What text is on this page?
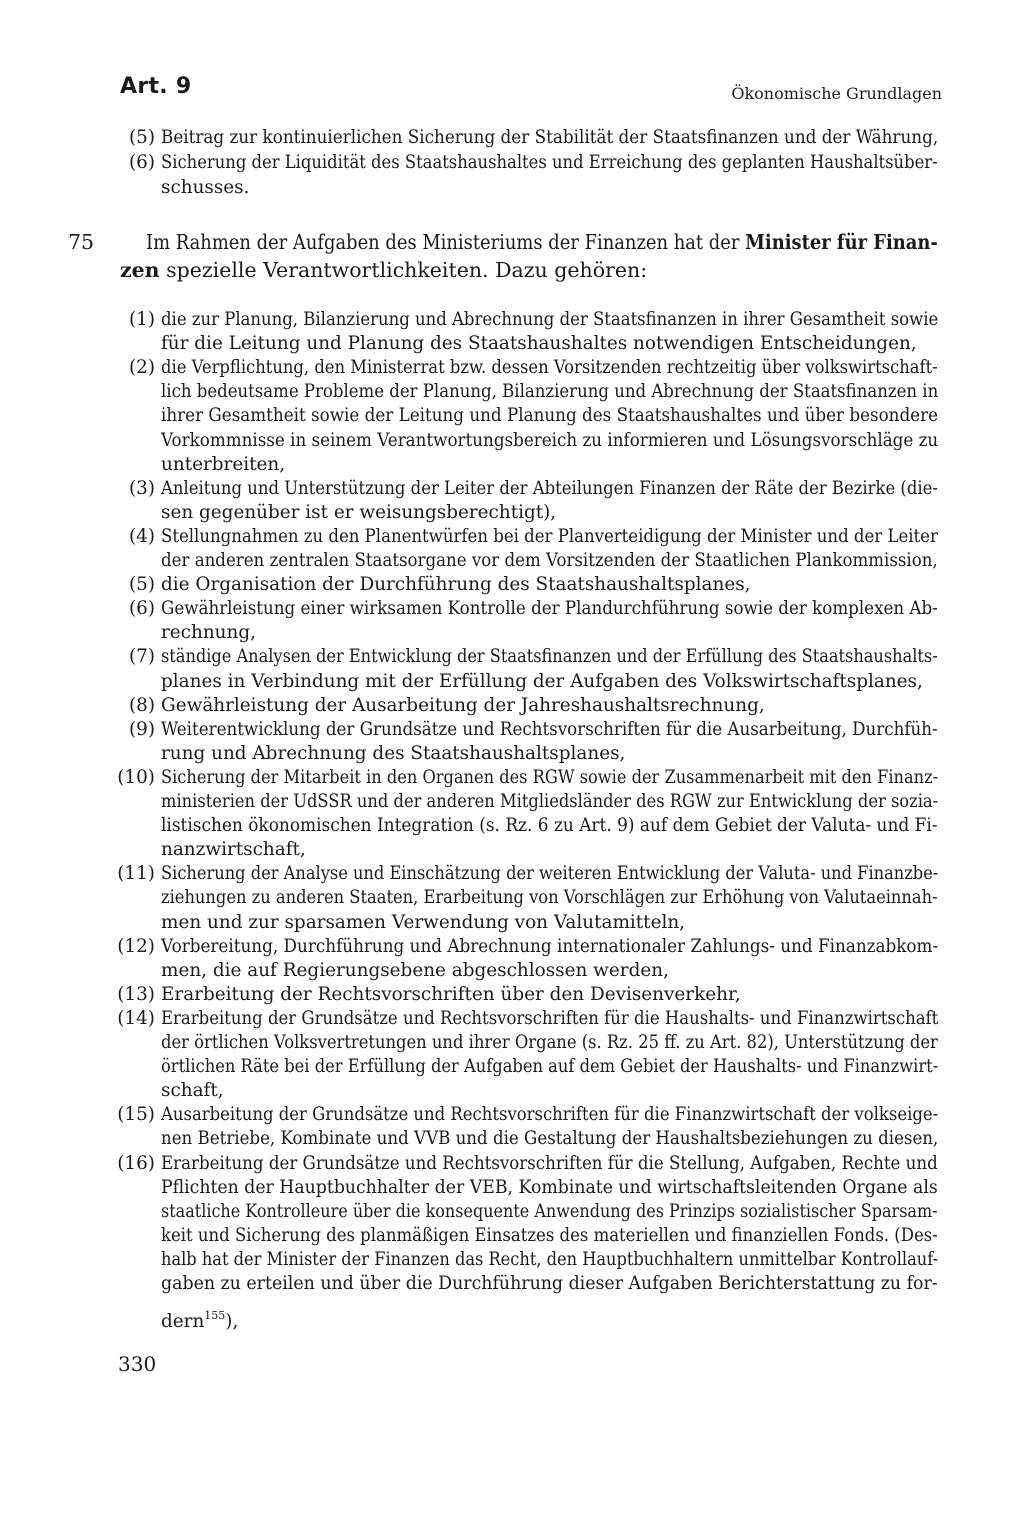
Art. 9	Ökonomische Grundlagen
(5) Beitrag zur kontinuierlichen Sicherung der Stabilität der Staatsfinanzen und der Währung,
(6) Sicherung der Liquidität des Staatshaushaltes und Erreichung des geplanten Haushaltsüber-
schusses.
75	Im Rahmen der Aufgaben des Ministeriums der Finanzen hat der Minister für Finan-
zen spezielle Verantwortlichkeiten. Dazu gehören:
(1) die zur Planung, Bilanzierung und Abrechnung der Staatsfinanzen in ihrer Gesamtheit sowie
für die Leitung und Planung des Staatshaushaltes notwendigen Entscheidungen,
(2) die Verpflichtung, den Ministerrat bzw. dessen Vorsitzenden rechtzeitig über volkswirtschaft-
lich bedeutsame Probleme der Planung, Bilanzierung und Abrechnung der Staatsfinanzen in
ihrer Gesamtheit sowie der Leitung und Planung des Staatshaushaltes und über besondere
Vorkommnisse in seinem Verantwortungsbereich zu informieren und Lösungsvorschläge zu
unterbreiten,
(3) Anleitung und Unterstützung der Leiter der Abteilungen Finanzen der Räte der Bezirke (die-
sen gegenüber ist er weisungsberechtigt),
(4) Stellungnahmen zu den Planentwürfen bei der Planverteidigung der Minister und der Leiter
der anderen zentralen Staatsorgane vor dem Vorsitzenden der Staatlichen Plankommission,
(5) die Organisation der Durchführung des Staatshaushaltsplanes,
(6) Gewährleistung einer wirksamen Kontrolle der Plandurchführung sowie der komplexen Ab-
rechnung,
(7) ständige Analysen der Entwicklung der Staatsfinanzen und der Erfüllung des Staatshaushalts-
planes in Verbindung mit der Erfüllung der Aufgaben des Volkswirtschaftsplanes,
(8) Gewährleistung der Ausarbeitung der Jahreshaushaltsrechnung,
(9) Weiterentwicklung der Grundsätze und Rechtsvorschriften für die Ausarbeitung, Durchfüh-
rung und Abrechnung des Staatshaushaltsplanes,
(10) Sicherung der Mitarbeit in den Organen des RGW sowie der Zusammenarbeit mit den Finanz-
ministerien der UdSSR und der anderen Mitgliedsländer des RGW zur Entwicklung der sozia-
listischen ökonomischen Integration (s. Rz. 6 zu Art. 9) auf dem Gebiet der Valuta- und Fi-
nanzwirtschaft,
(11) Sicherung der Analyse und Einschätzung der weiteren Entwicklung der Valuta- und Finanzbe-
ziehungen zu anderen Staaten, Erarbeitung von Vorschlägen zur Erhöhung von Valutaeinnah-
men und zur sparsamen Verwendung von Valutamitteln,
(12) Vorbereitung, Durchführung und Abrechnung internationaler Zahlungs- und Finanzabkom-
men, die auf Regierungsebene abgeschlossen werden,
(13) Erarbeitung der Rechtsvorschriften über den Devisenverkehr,
(14) Erarbeitung der Grundsätze und Rechtsvorschriften für die Haushalts- und Finanzwirtschaft
der örtlichen Volksvertretungen und ihrer Organe (s. Rz. 25 ff. zu Art. 82), Unterstützung der
örtlichen Räte bei der Erfüllung der Aufgaben auf dem Gebiet der Haushalts- und Finanzwirt-
schaft,
(15) Ausarbeitung der Grundsätze und Rechtsvorschriften für die Finanzwirtschaft der volkseige-
nen Betriebe, Kombinate und VVB und die Gestaltung der Haushaltsbeziehungen zu diesen,
(16) Erarbeitung der Grundsätze und Rechtsvorschriften für die Stellung, Aufgaben, Rechte und
Pflichten der Hauptbuchhalter der VEB, Kombinate und wirtschaftsleitenden Organe als
staatliche Kontrolleure über die konsequente Anwendung des Prinzips sozialistischer Sparsam-
keit und Sicherung des planmäßigen Einsatzes des materiellen und finanziellen Fonds. (Des-
halb hat der Minister der Finanzen das Recht, den Hauptbuchhaltern unmittelbar Kontrollauf-
gaben zu erteilen und über die Durchführung dieser Aufgaben Berichterstattung zu for-
dern$^{155}$),
330
